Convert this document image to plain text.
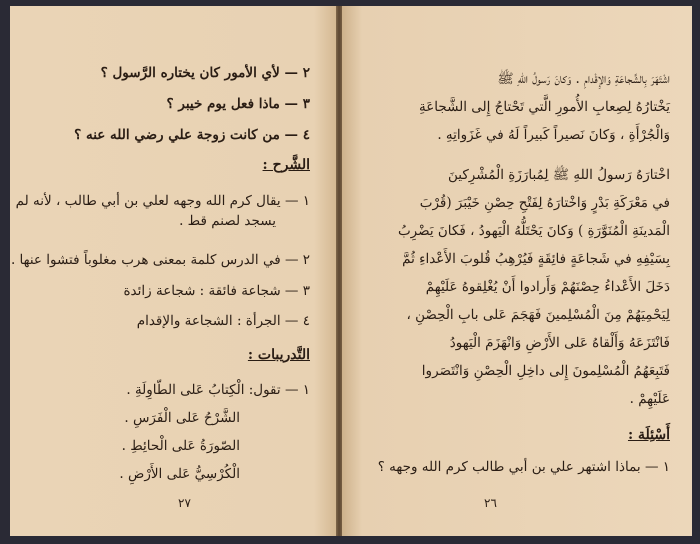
٢ — لأي الأمور كان يختاره الرَّسول ؟
٣ — ماذا فعل يوم خيبر ؟
٤ — من كانت زوجة علي رضي الله عنه ؟
الشَّرح :
١ — يقال كرم الله وجهه لعلي بن أبي طالب ، لأنه لم
يسجد لصنم قط .
٢ — في الدرس كلمة بمعنى هرب مغلوباً فتشوا عنها .
٣ — شجاعة فائقة : شجاعة زائدة
٤ — الجرأة : الشجاعة والإقدام
التَّدريبات :
١ — تقول: الْكِتابُ عَلى الطّاوِلَةِ .
الشَّرْحُ عَلى الْفَرَسِ .
الصّورَةُ عَلى الْحائِطِ .
الْكُرْسِيُّ عَلى الأَرْضِ .
٢٧
اشْتَهَرَ بِالشَّجاعَةِ وَالإِقْدامِ . وَكانَ رَسولُ اللهِ ﷺ
يَخْتارُهُ لِصِعابِ الأُمورِ الَّتي تَحْتاجُ إِلى الشَّجاعَةِ
وَالْجُرْأَةِ ، وَكانَ نَصيراً كَبيراً لَهُ في غَزَواتِهِ .
اخْتارَهُ رَسولُ اللهِ ﷺ لِمُبارَزَةِ الْمُشْرِكينَ
في مَعْرَكَةِ بَدْرٍ وَاخْتارَهُ لِفَتْحِ حِصْنِ خَيْبَرَ (قُرْبَ
الْمَدينَةِ الْمُنَوَّرَةِ ) وَكانَ يَحْتَلُّهُ الْيَهودُ ، فَكانَ يَضْرِبُ
بِسَيْفِهِ في شَجاعَةٍ فائِقَةٍ فَيُرْهِبُ قُلوبَ الأَعْداءِ ثُمَّ
دَخَلَ الأَعْداءُ حِصْنَهُمْ وَأَرادوا أَنْ يُغْلِقوهُ عَلَيْهِمْ
لِيَحْمِيَهُمْ مِنَ الْمُسْلِمينَ فَهَجَمَ عَلى بابِ الْحِصْنِ ،
فَانْتَزَعَهُ وَأَلْقاهُ عَلى الأَرْضِ وَانْهَزَمَ الْيَهودُ
فَتَبِعَهُمُ الْمُسْلِمونَ إِلى داخِلِ الْحِصْنِ وَانْتَصَروا
عَلَيْهِمْ .
أَسْئِلَة :
١ — بماذا اشتهر علي بن أبي طالب كرم الله وجهه ؟
٢٦
